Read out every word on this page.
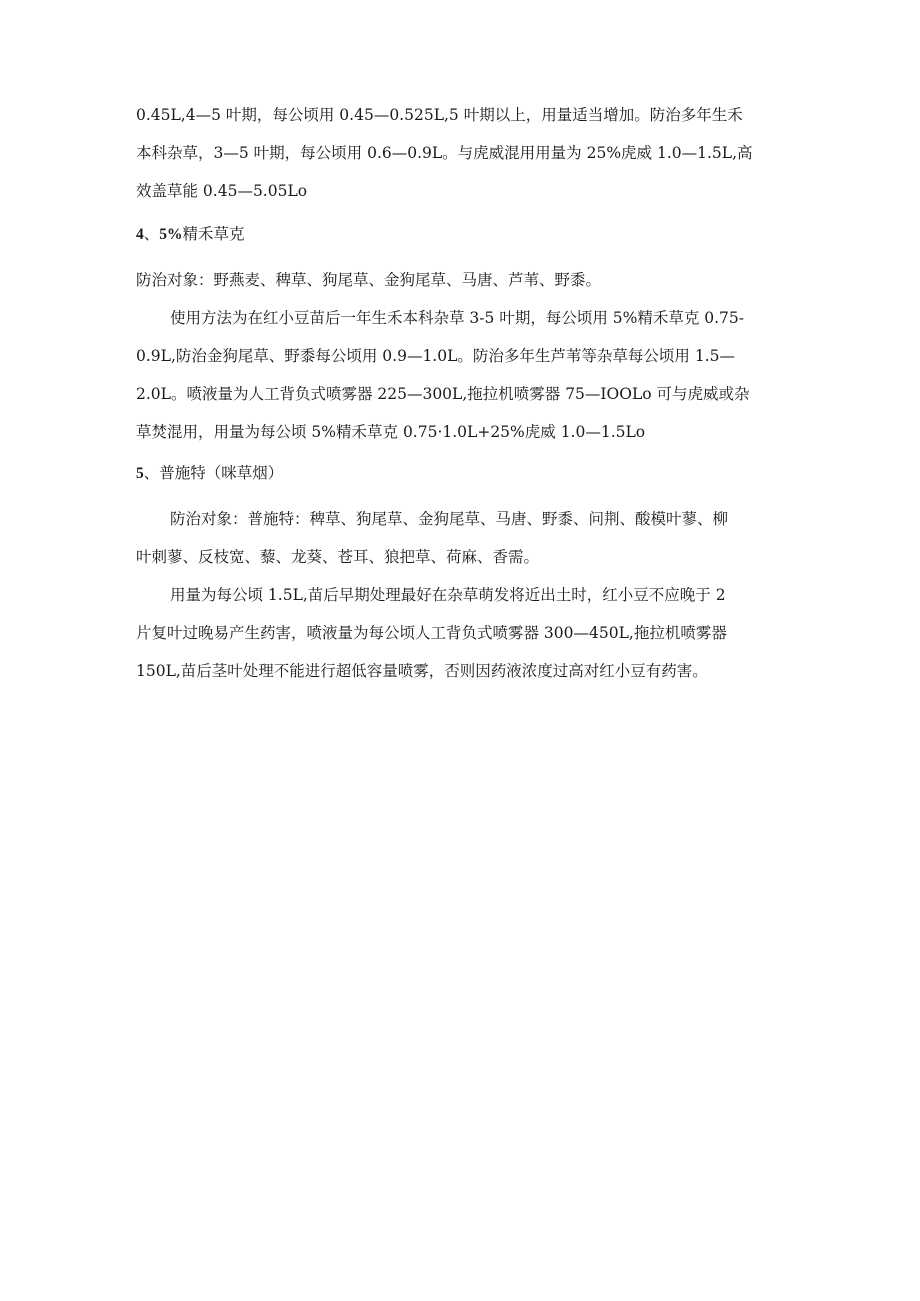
0.45L,4—5 叶期，每公顷用 0.45—0.525L,5 叶期以上，用量适当增加。防治多年生禾

本科杂草，3—5 叶期，每公顷用 0.6—0.9L。与虎威混用用量为 25%虎威 1.0—1.5L,高

效盖草能 0.45—5.05Lo

4、5%精禾草克

防治对象：野燕麦、稗草、狗尾草、金狗尾草、马唐、芦苇、野黍。

使用方法为在红小豆苗后一年生禾本科杂草 3-5 叶期，每公顷用 5%精禾草克 0.75-

0.9L,防治金狗尾草、野黍每公顷用 0.9—1.0L。防治多年生芦苇等杂草每公顷用 1.5—

2.0L。喷液量为人工背负式喷雾器 225—300L,拖拉机喷雾器 75—IOOLo 可与虎威或杂

草焚混用，用量为每公顷 5%精禾草克 0.75·1.0L+25%虎威 1.0—1.5Lo

5、普施特（咪草烟）

防治对象：普施特：稗草、狗尾草、金狗尾草、马唐、野黍、问荆、酸模叶蓼、柳

叶刺蓼、反枝宽、藜、龙葵、苍耳、狼把草、荷麻、香需。

用量为每公顷 1.5L,苗后早期处理最好在杂草萌发将近出土时，红小豆不应晚于 2

片复叶过晚易产生药害，喷液量为每公顷人工背负式喷雾器 300—450L,拖拉机喷雾器

150L,苗后茎叶处理不能进行超低容量喷雾，否则因药液浓度过高对红小豆有药害。
